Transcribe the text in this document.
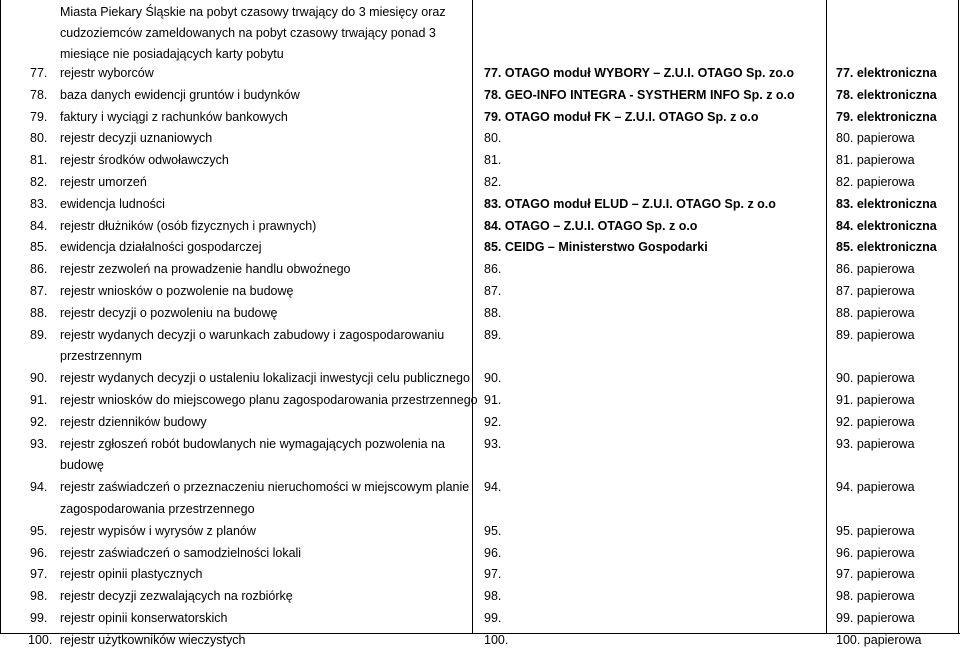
Miasta Piekary Śląskie na pobyt czasowy trwający do 3 miesięcy oraz
cudzoziemców zameldowanych na pobyt czasowy trwający ponad 3
miesiące nie posiadających karty pobytu
77. rejestr wyborców	77. OTAGO moduł WYBORY – Z.U.I. OTAGO Sp. zo.o	77. elektroniczna
78. baza danych ewidencji gruntów i budynków	78. GEO-INFO INTEGRA - SYSTHERM INFO Sp. z o.o	78. elektroniczna
79. faktury i wyciągi z rachunków bankowych	79. OTAGO moduł FK – Z.U.I. OTAGO Sp. z o.o	79. elektroniczna
80. rejestr decyzji uznaniowych	80.	80. papierowa
81. rejestr środków odwoławczych	81.	81. papierowa
82. rejestr umorzeń	82.	82. papierowa
83. ewidencja ludności	83. OTAGO moduł ELUD – Z.U.I. OTAGO Sp. z o.o	83. elektroniczna
84. rejestr dłużników (osób fizycznych i prawnych)	84. OTAGO – Z.U.I. OTAGO Sp. z o.o	84. elektroniczna
85. ewidencja działalności gospodarczej	85. CEIDG – Ministerstwo Gospodarki	85. elektroniczna
86. rejestr zezwoleń na prowadzenie handlu obwoźnego	86.	86. papierowa
87. rejestr wniosków o pozwolenie na budowę	87.	87. papierowa
88. rejestr decyzji o pozwoleniu na budowę	88.	88. papierowa
89. rejestr wydanych decyzji o warunkach zabudowy i zagospodarowaniu
przestrzennym
89.	89. papierowa
90. rejestr wydanych decyzji o ustaleniu lokalizacji inwestycji celu publicznego 90.	90. papierowa
91. rejestr wniosków do miejscowego planu zagospodarowania przestrzennego 91.	91. papierowa
92. rejestr dzienników budowy	92.	92. papierowa
93. rejestr zgłoszeń robót budowlanych nie wymagających pozwolenia na
budowę
93.	93. papierowa
94. rejestr zaświadczeń o przeznaczeniu nieruchomości w miejscowym planie
zagospodarowania przestrzennego
94.	94. papierowa
95. rejestr wypisów i wyrysów z planów	95.	95. papierowa
96. rejestr zaświadczeń o samodzielności lokali	96.	96. papierowa
97. rejestr opinii plastycznych	97.	97. papierowa
98. rejestr decyzji zezwalających na rozbiórkę	98.	98. papierowa
99. rejestr opinii konserwatorskich	99.	99. papierowa
100. rejestr użytkowników wieczystych	100.	100. papierowa
